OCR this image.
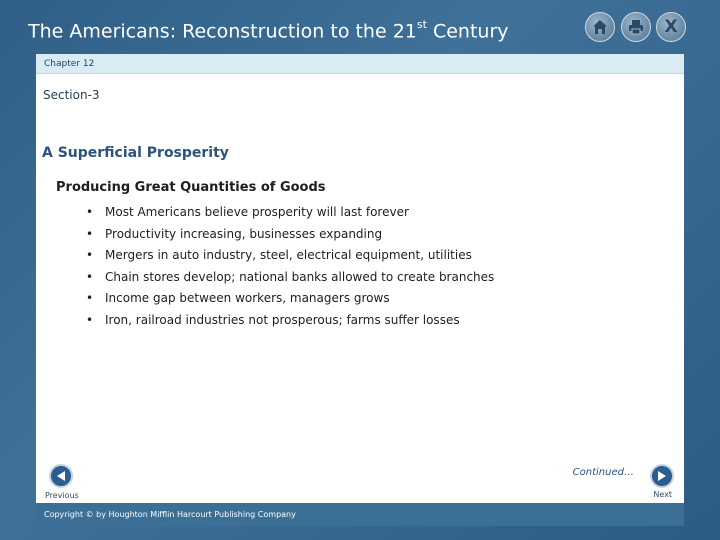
The Americans: Reconstruction to the 21st Century	X
Chapter 12
Section-3
A Superficial Prosperity
Producing Great Quantities of Goods
• Most Americans believe prosperity will last forever
• Productivity increasing, businesses expanding
• Mergers in auto industry, steel, electrical equipment, utilities
• Chain stores develop; national banks allowed to create branches
• Income gap between workers, managers grows
• Iron, railroad industries not prosperous; farms suffer losses
Continued…
Previous	Next
Copyright © by Houghton Mifflin Harcourt Publishing Company
